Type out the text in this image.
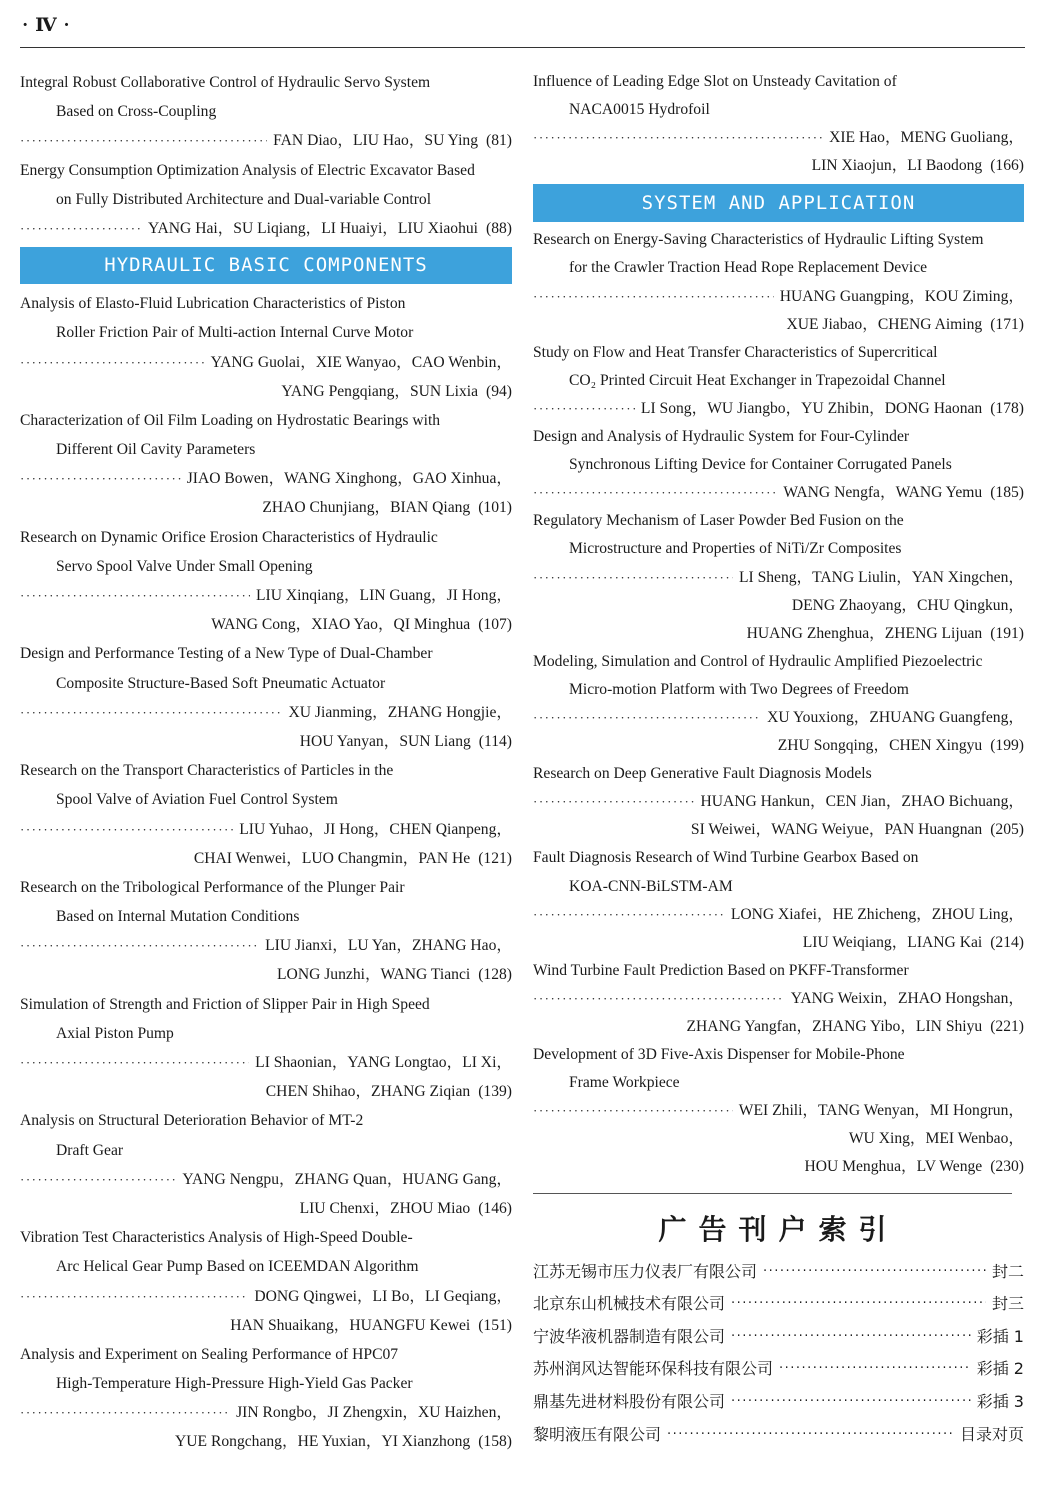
· Ⅳ ·
Integral Robust Collaborative Control of Hydraulic Servo System
Based on Cross-Coupling
·····
FAN Diao，LIU Hao，SU Ying (81)
Energy Consumption Optimization Analysis of Electric Excavator Based
on Fully Distributed Architecture and Dual-variable Control
·····
YANG Hai，SU Liqiang，LI Huaiyi，LIU Xiaohui (88)
HYDRAULIC BASIC COMPONENTS
Analysis of Elasto-Fluid Lubrication Characteristics of Piston
Roller Friction Pair of Multi-action Internal Curve Motor
·····
YANG Guolai，XIE Wanyao，CAO Wenbin，
YANG Pengqiang，SUN Lixia (94)
Characterization of Oil Film Loading on Hydrostatic Bearings with
Different Oil Cavity Parameters
·····
JIAO Bowen，WANG Xinghong，GAO Xinhua，
ZHAO Chunjiang，BIAN Qiang (101)
Research on Dynamic Orifice Erosion Characteristics of Hydraulic
Servo Spool Valve Under Small Opening
·····
LIU Xinqiang，LIN Guang，JI Hong，
WANG Cong，XIAO Yao，QI Minghua (107)
Design and Performance Testing of a New Type of Dual-Chamber
Composite Structure-Based Soft Pneumatic Actuator
·····
XU Jianming，ZHANG Hongjie，
HOU Yanyan，SUN Liang (114)
Research on the Transport Characteristics of Particles in the
Spool Valve of Aviation Fuel Control System
·····
LIU Yuhao，JI Hong，CHEN Qianpeng，
CHAI Wenwei，LUO Changmin，PAN He (121)
Research on the Tribological Performance of the Plunger Pair
Based on Internal Mutation Conditions
·····
LIU Jianxi，LU Yan，ZHANG Hao，
LONG Junzhi，WANG Tianci (128)
Simulation of Strength and Friction of Slipper Pair in High Speed
Axial Piston Pump
·····
LI Shaonian，YANG Longtao，LI Xi，
CHEN Shihao，ZHANG Ziqian (139)
Analysis on Structural Deterioration Behavior of MT-2
Draft Gear
·····
YANG Nengpu，ZHANG Quan，HUANG Gang，
LIU Chenxi，ZHOU Miao (146)
Vibration Test Characteristics Analysis of High-Speed Double-
Arc Helical Gear Pump Based on ICEEMDAN Algorithm
·····
DONG Qingwei，LI Bo，LI Geqiang，
HAN Shuaikang，HUANGFU Kewei (151)
Analysis and Experiment on Sealing Performance of HPC07
High-Temperature High-Pressure High-Yield Gas Packer
·····
JIN Rongbo，JI Zhengxin，XU Haizhen，
YUE Rongchang，HE Yuxian，YI Xianzhong (158)
Influence of Leading Edge Slot on Unsteady Cavitation of
NACA0015 Hydrofoil
·····
XIE Hao，MENG Guoliang，
LIN Xiaojun，LI Baodong (166)
SYSTEM AND APPLICATION
Research on Energy-Saving Characteristics of Hydraulic Lifting System
for the Crawler Traction Head Rope Replacement Device
·····
HUANG Guangping，KOU Ziming，
XUE Jiabao，CHENG Aiming (171)
Study on Flow and Heat Transfer Characteristics of Supercritical
CO₂ Printed Circuit Heat Exchanger in Trapezoidal Channel
·····
LI Song，WU Jiangbo，YU Zhibin，DONG Haonan (178)
Design and Analysis of Hydraulic System for Four-Cylinder
Synchronous Lifting Device for Container Corrugated Panels
·····
WANG Nengfa，WANG Yemu (185)
Regulatory Mechanism of Laser Powder Bed Fusion on the
Microstructure and Properties of NiTi/Zr Composites
·····
LI Sheng，TANG Liulin，YAN Xingchen，
DENG Zhaoyang，CHU Qingkun，
HUANG Zhenghua，ZHENG Lijuan (191)
Modeling, Simulation and Control of Hydraulic Amplified Piezoelectric
Micro-motion Platform with Two Degrees of Freedom
·····
XU Youxiong，ZHUANG Guangfeng，
ZHU Songqing，CHEN Xingyu (199)
Research on Deep Generative Fault Diagnosis Models
·····
HUANG Hankun，CEN Jian，ZHAO Bichuang，
SI Weiwei，WANG Weiyue，PAN Huangnan (205)
Fault Diagnosis Research of Wind Turbine Gearbox Based on
KOA-CNN-BiLSTM-AM
·····
LONG Xiafei，HE Zhicheng，ZHOU Ling，
LIU Weiqiang，LIANG Kai (214)
Wind Turbine Fault Prediction Based on PKFF-Transformer
·····
YANG Weixin，ZHAO Hongshan，
ZHANG Yangfan，ZHANG Yibo，LIN Shiyu (221)
Development of 3D Five-Axis Dispenser for Mobile-Phone
Frame Workpiece
·····
WEI Zhili，TANG Wenyan，MI Hongrun，
WU Xing，MEI Wenbao，
HOU Menghua，LV Wenge (230)
广告刊户索引
江苏无锡市压力仪表厂有限公司 ·····	封二
北京东山机械技术有限公司 ·····	封三
宁波华液机器制造有限公司 ·····	彩插 1
苏州润风达智能环保科技有限公司 ·····	彩插 2
鼎基先进材料股份有限公司 ·····	彩插 3
黎明液压有限公司 ·····	目录对页
